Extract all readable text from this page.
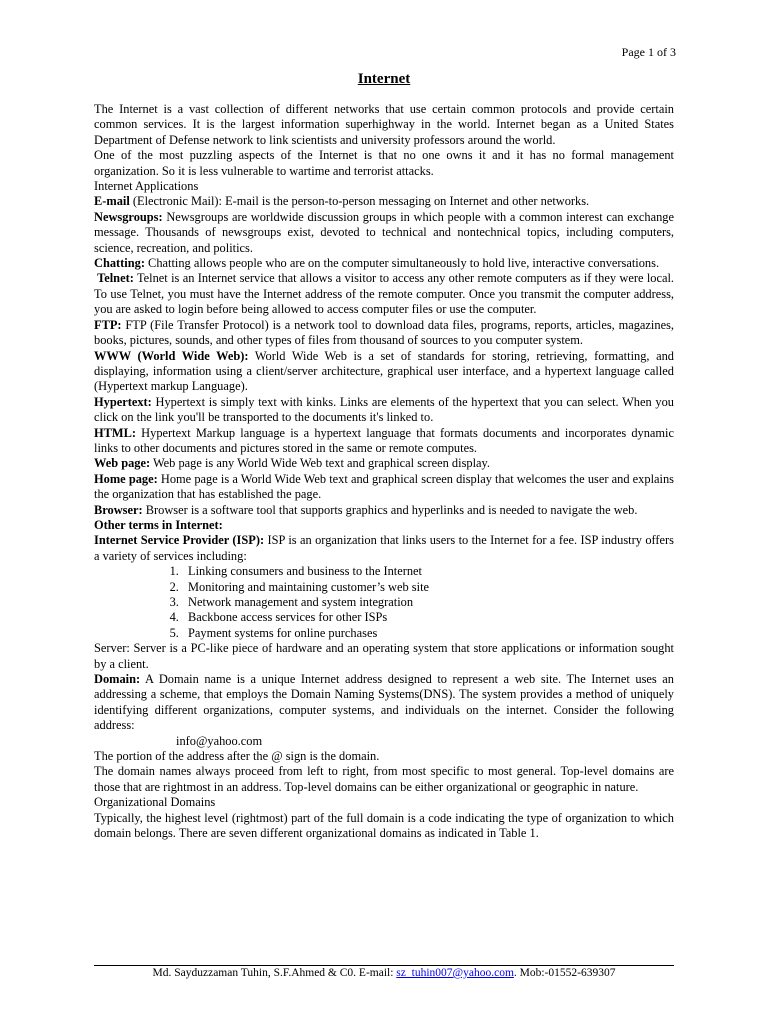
Page 1 of 3
Internet

The Internet is a vast collection of different networks that use certain common protocols and provide certain common services. It is the largest information superhighway in the world. Internet began as a United States Department of Defense network to link scientists and university professors around the world.

One of the most puzzling aspects of the Internet is that no one owns it and it has no formal management organization. So it is less vulnerable to wartime and terrorist attacks.

Internet Applications

E-mail (Electronic Mail): E-mail is the person-to-person messaging on Internet and other networks.

Newsgroups: Newsgroups are worldwide discussion groups in which people with a common interest can exchange message. Thousands of newsgroups exist, devoted to technical and nontechnical topics, including computers, science, recreation, and politics.

Chatting: Chatting allows people who are on the computer simultaneously to hold live, interactive conversations.

Telnet: Telnet is an Internet service that allows a visitor to access any other remote computers as if they were local. To use Telnet, you must have the Internet address of the remote computer. Once you transmit the computer address, you are asked to login before being allowed to access computer files or use the computer.

FTP: FTP (File Transfer Protocol) is a network tool to download data files, programs, reports, articles, magazines, books, pictures, sounds, and other types of files from thousand of sources to you computer system.

WWW (World Wide Web): World Wide Web is a set of standards for storing, retrieving, formatting, and displaying, information using a client/server architecture, graphical user interface, and a hypertext language called (Hypertext markup Language).

Hypertext: Hypertext is simply text with kinks. Links are elements of the hypertext that you can select. When you click on the link you'll be transported to the documents it's linked to.

HTML: Hypertext Markup language is a hypertext language that formats documents and incorporates dynamic links to other documents and pictures stored in the same or remote computes.

Web page: Web page is any World Wide Web text and graphical screen display.

Home page: Home page is a World Wide Web text and graphical screen display that welcomes the user and explains the organization that has established the page.

Browser: Browser is a software tool that supports graphics and hyperlinks and is needed to navigate the web.

Other terms in Internet:

Internet Service Provider (ISP): ISP is an organization that links users to the Internet for a fee. ISP industry offers a variety of services including:

1. Linking consumers and business to the Internet
2. Monitoring and maintaining customer’s web site
3. Network management and system integration
4. Backbone access services for other ISPs
5. Payment systems for online purchases

Server: Server is a PC-like piece of hardware and an operating system that store applications or information sought by a client.

Domain: A Domain name is a unique Internet address designed to represent a web site. The Internet uses an addressing a scheme, that employs the Domain Naming Systems(DNS). The system provides a method of uniquely identifying different organizations, computer systems, and individuals on the internet. Consider the following address:

info@yahoo.com

The portion of the address after the @ sign is the domain.

The domain names always proceed from left to right, from most specific to most general. Top-level domains are those that are rightmost in an address. Top-level domains can be either organizational or geographic in nature.

Organizational Domains

Typically, the highest level (rightmost) part of the full domain is a code indicating the type of organization to which domain belongs. There are seven different organizational domains as indicated in Table 1.

Md. Sayduzzaman Tuhin, S.F.Ahmed & C0. E-mail: sz_tuhin007@yahoo.com. Mob:-01552-639307
